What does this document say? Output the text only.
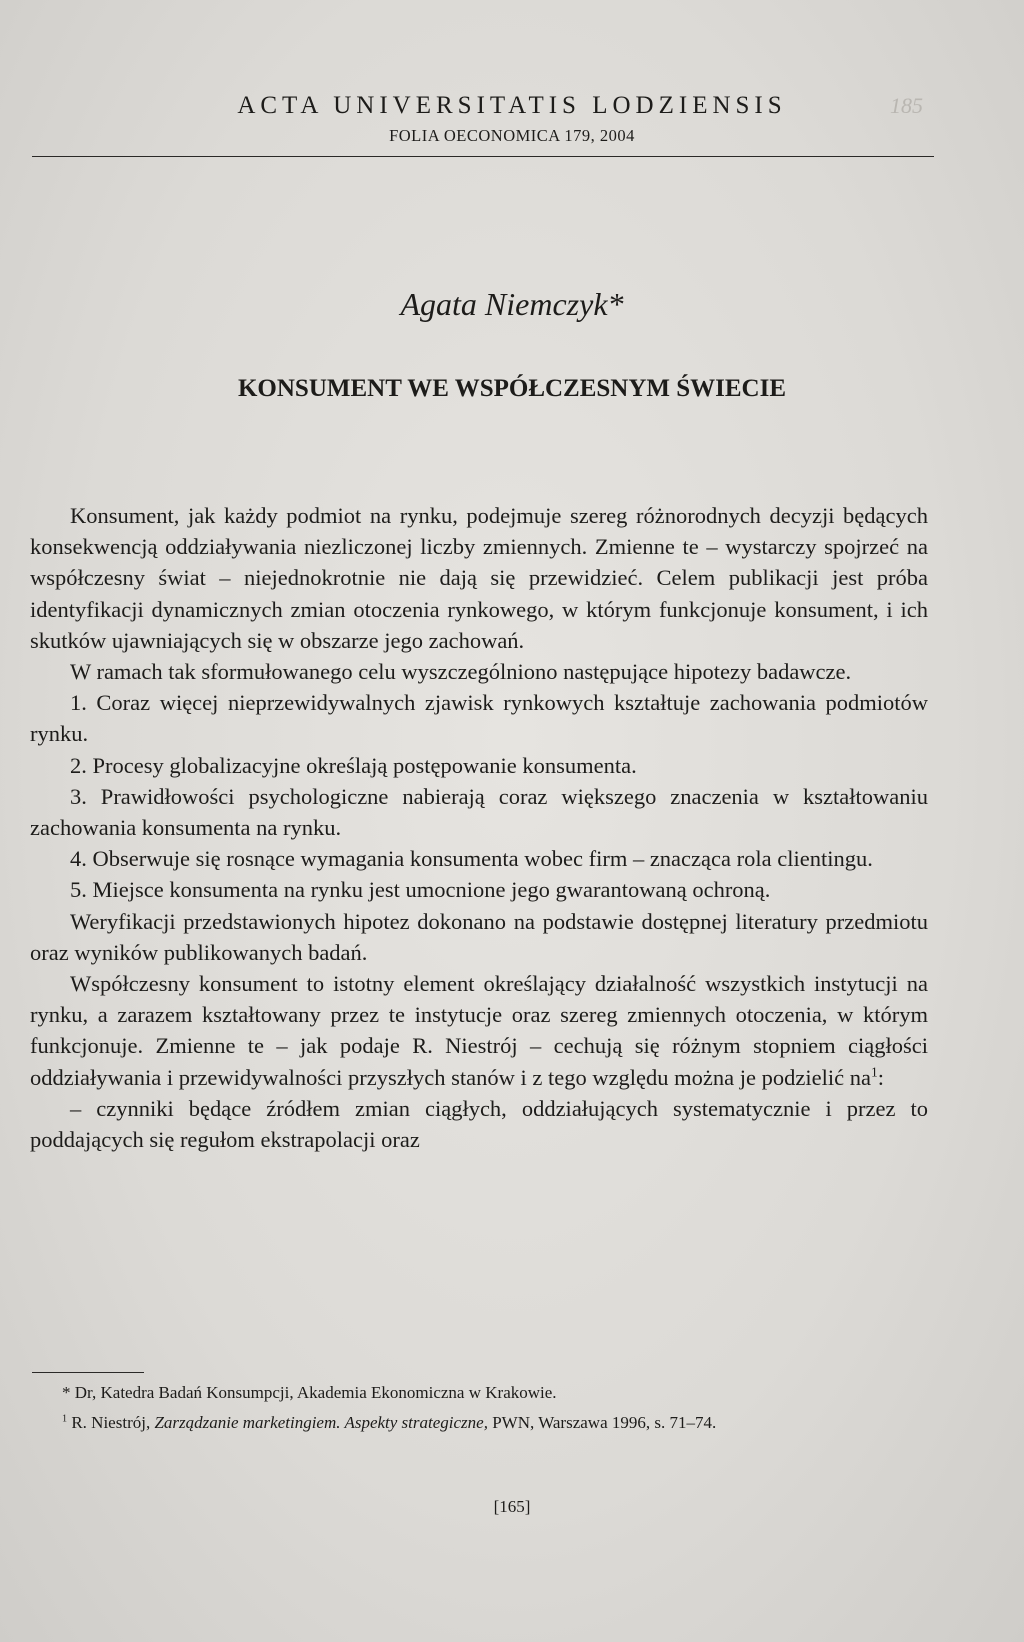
ACTA UNIVERSITATIS LODZIENSIS
FOLIA OECONOMICA 179, 2004
185
Agata Niemczyk*
KONSUMENT WE WSPÓŁCZESNYM ŚWIECIE

Konsument, jak każdy podmiot na rynku, podejmuje szereg różnorodnych decyzji będących konsekwencją oddziaływania niezliczonej liczby zmiennych. Zmienne te – wystarczy spojrzeć na współczesny świat – niejednokrotnie nie dają się przewidzieć. Celem publikacji jest próba identyfikacji dynamicznych zmian otoczenia rynkowego, w którym funkcjonuje konsument, i ich skutków ujawniających się w obszarze jego zachowań.

W ramach tak sformułowanego celu wyszczególniono następujące hipotezy badawcze.

1. Coraz więcej nieprzewidywalnych zjawisk rynkowych kształtuje zachowania podmiotów rynku.

2. Procesy globalizacyjne określają postępowanie konsumenta.

3. Prawidłowości psychologiczne nabierają coraz większego znaczenia w kształtowaniu zachowania konsumenta na rynku.

4. Obserwuje się rosnące wymagania konsumenta wobec firm – znacząca rola clientingu.

5. Miejsce konsumenta na rynku jest umocnione jego gwarantowaną ochroną.

Weryfikacji przedstawionych hipotez dokonano na podstawie dostępnej literatury przedmiotu oraz wyników publikowanych badań.

Współczesny konsument to istotny element określający działalność wszystkich instytucji na rynku, a zarazem kształtowany przez te instytucje oraz szereg zmiennych otoczenia, w którym funkcjonuje. Zmienne te – jak podaje R. Niestrój – cechują się różnym stopniem ciągłości oddziaływania i przewidywalności przyszłych stanów i z tego względu można je podzielić $na^1$:

– czynniki będące źródłem zmian ciągłych, oddziałujących systematycznie i przez to poddających się regułom ekstrapolacji oraz

* Dr, Katedra Badań Konsumpcji, Akademia Ekonomiczna w Krakowie.

$^1$ R. Niestrój, Zarządzanie marketingiem. Aspekty strategiczne, PWN, Warszawa 1996, s. 71–74.

[165]
